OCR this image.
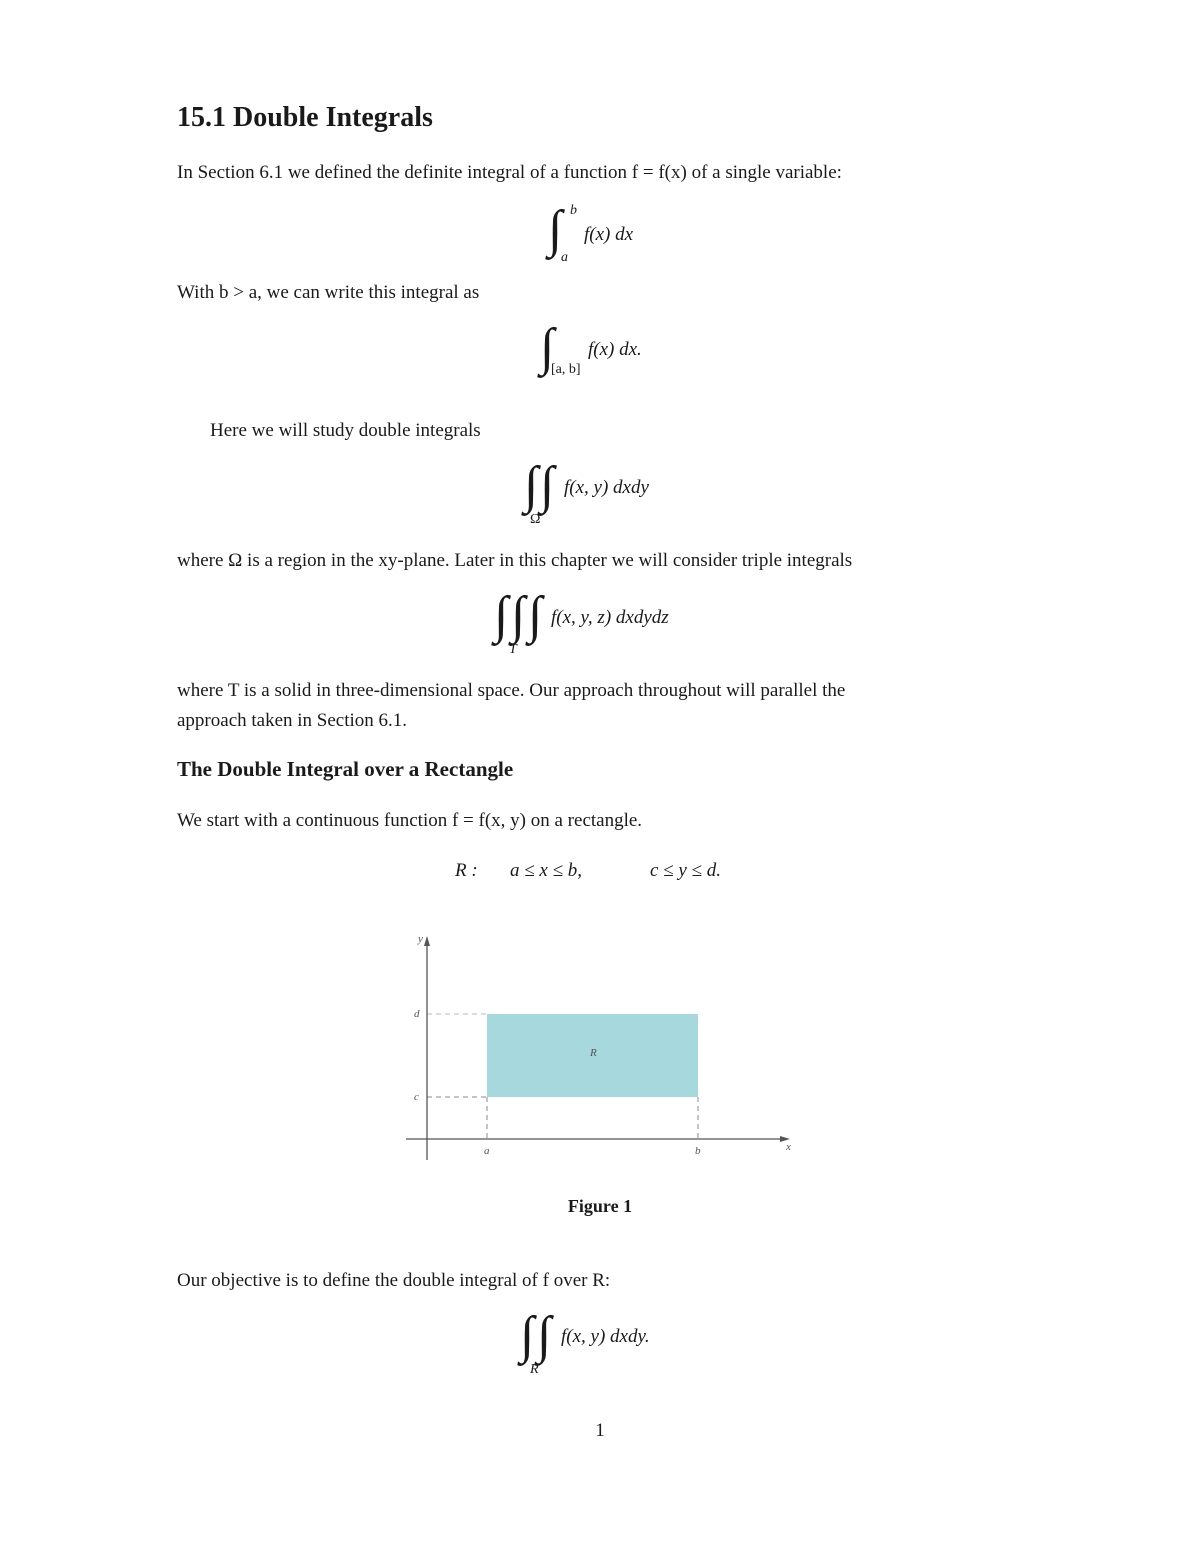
15.1 Double Integrals
In Section 6.1 we defined the definite integral of a function f = f(x) of a single variable:
∫ b
a
f(x) dx
With b > a, we can write this integral as
∫
[a, b]
f(x) dx.
Here we will study double integrals
∫ ∫
Ω
f(x, y) dxdy
where Ω is a region in the xy-plane. Later in this chapter we will consider triple integrals
∫ ∫ ∫
T
f(x, y, z) dxdydz
where T is a solid in three-dimensional space. Our approach throughout will parallel the
approach taken in Section 6.1.
The Double Integral over a Rectangle
We start with a continuous function f = f(x, y) on a rectangle.
R : a ≤ x ≤ b,	c ≤ y ≤ d.
y
x
d
c
a	b
R
Figure 1
Our objective is to define the double integral of f over R:
∫ ∫
R
f(x, y) dxdy.
1
